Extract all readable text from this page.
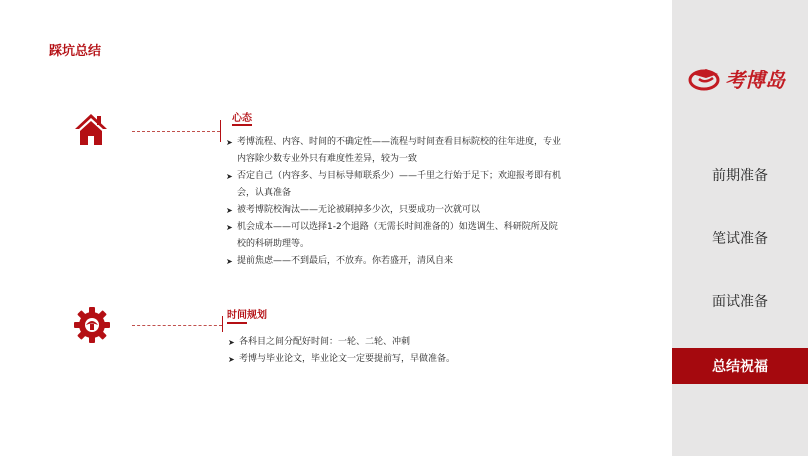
踩坑总结
心态
➤ 考博流程、内容、时间的不确定性——流程与时间查看目标院校的往年进度，专业内容除少数专业外只有难度性差异，较为一致
➤ 否定自己（内容多、与目标导师联系少）——千里之行始于足下；欢迎报考即有机会，认真准备
➤ 被考博院校淘汰——无论被刷掉多少次，只要成功一次就可以
➤ 机会成本——可以选择1-2个退路（无需长时间准备的）如选调生、科研院所及院校的科研助理等。
➤ 提前焦虑——不到最后，不放弃。你若盛开，清风自来
时间规划
➤ 各科目之间分配好时间：一轮、二轮、冲刺
➤ 考博与毕业论文，毕业论文一定要提前写，早做准备。
考博岛
前期准备
笔试准备
面试准备
总结祝福
